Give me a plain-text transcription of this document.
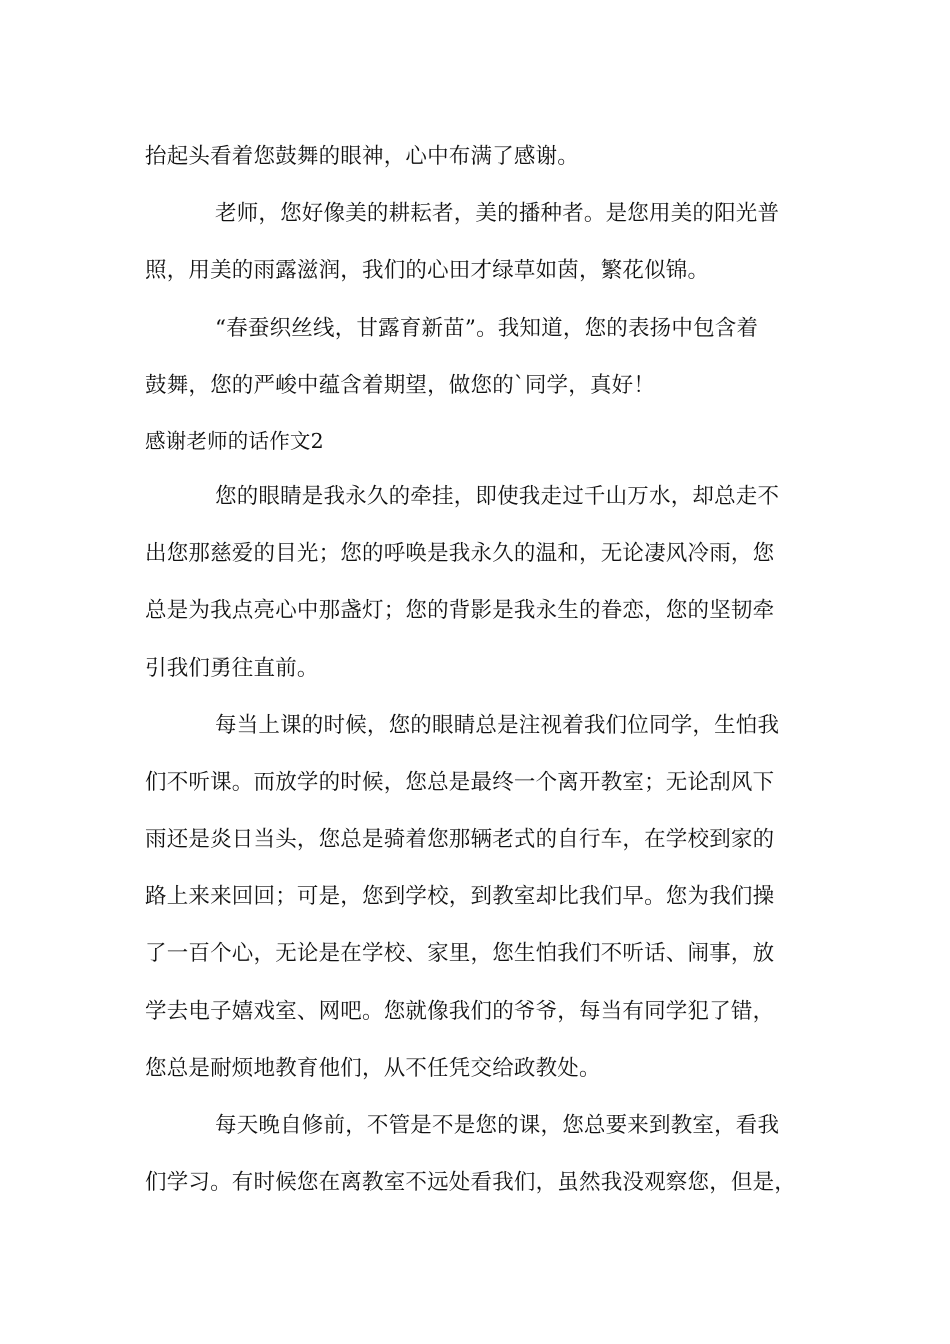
抬起头看着您鼓舞的眼神，心中布满了感谢。
老师，您好像美的耕耘者，美的播种者。是您用美的阳光普
照，用美的雨露滋润，我们的心田才绿草如茵，繁花似锦。
“春蚕织丝线，甘露育新苗”。我知道，您的表扬中包含着
鼓舞，您的严峻中蕴含着期望，做您的`同学，真好！
感谢老师的话作文2
您的眼睛是我永久的牵挂，即使我走过千山万水，却总走不
出您那慈爱的目光；您的呼唤是我永久的温和，无论凄风冷雨，您
总是为我点亮心中那盏灯；您的背影是我永生的眷恋，您的坚韧牵
引我们勇往直前。
每当上课的时候，您的眼睛总是注视着我们位同学，生怕我
们不听课。而放学的时候，您总是最终一个离开教室；无论刮风下
雨还是炎日当头，您总是骑着您那辆老式的自行车，在学校到家的
路上来来回回；可是，您到学校，到教室却比我们早。您为我们操
了一百个心，无论是在学校、家里，您生怕我们不听话、闹事，放
学去电子嬉戏室、网吧。您就像我们的爷爷，每当有同学犯了错，
您总是耐烦地教育他们，从不任凭交给政教处。
每天晚自修前，不管是不是您的课，您总要来到教室，看我
们学习。有时候您在离教室不远处看我们，虽然我没观察您，但是，
